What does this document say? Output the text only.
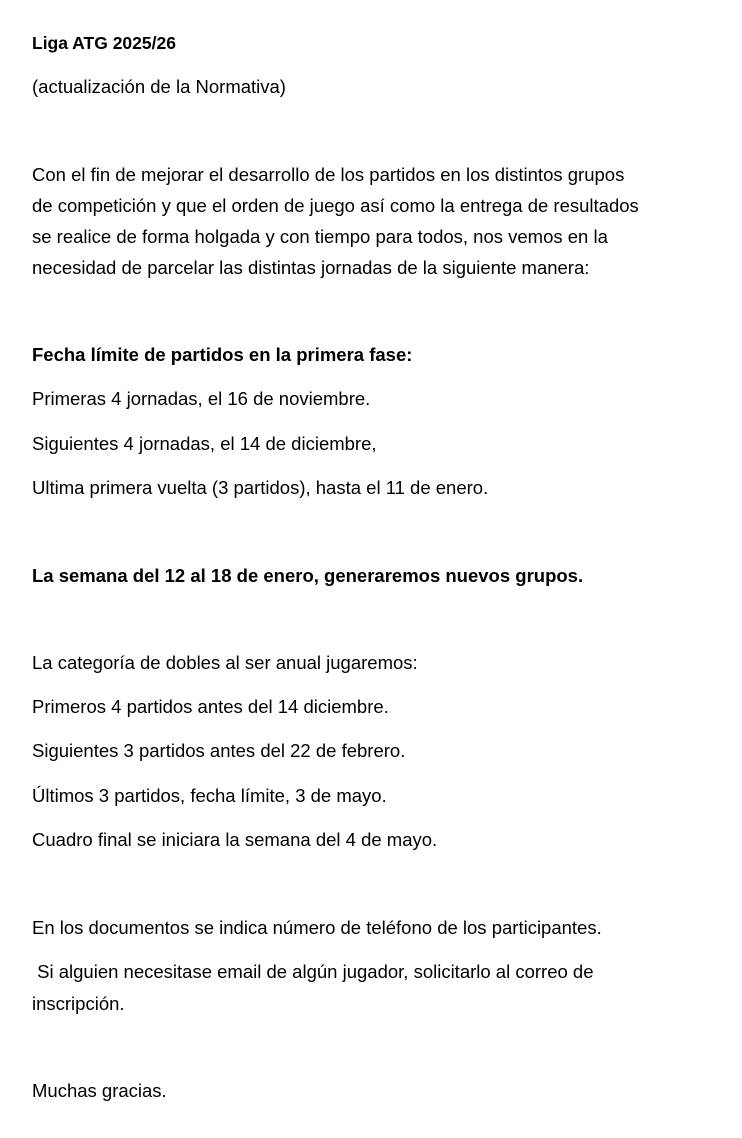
Liga ATG 2025/26

(actualización de la Normativa)

Con el fin de mejorar el desarrollo de los partidos en los distintos grupos

de competición y que el orden de juego así como la entrega de resultados

se realice de forma holgada y con tiempo para todos, nos vemos en la

necesidad de parcelar las distintas jornadas de la siguiente manera:

Fecha límite de partidos en la primera fase:

Primeras 4 jornadas, el 16 de noviembre.

Siguientes 4 jornadas, el 14 de diciembre,

Ultima primera vuelta (3 partidos), hasta el 11 de enero.

La semana del 12 al 18 de enero, generaremos nuevos grupos.

La categoría de dobles al ser anual jugaremos:

Primeros 4 partidos antes del 14 diciembre.

Siguientes 3 partidos antes del 22 de febrero.

Últimos 3 partidos, fecha límite, 3 de mayo.

Cuadro final se iniciara la semana del 4 de mayo.

En los documentos se indica número de teléfono de los participantes.

Si alguien necesitase email de algún jugador, solicitarlo al correo de

inscripción.

Muchas gracias.
